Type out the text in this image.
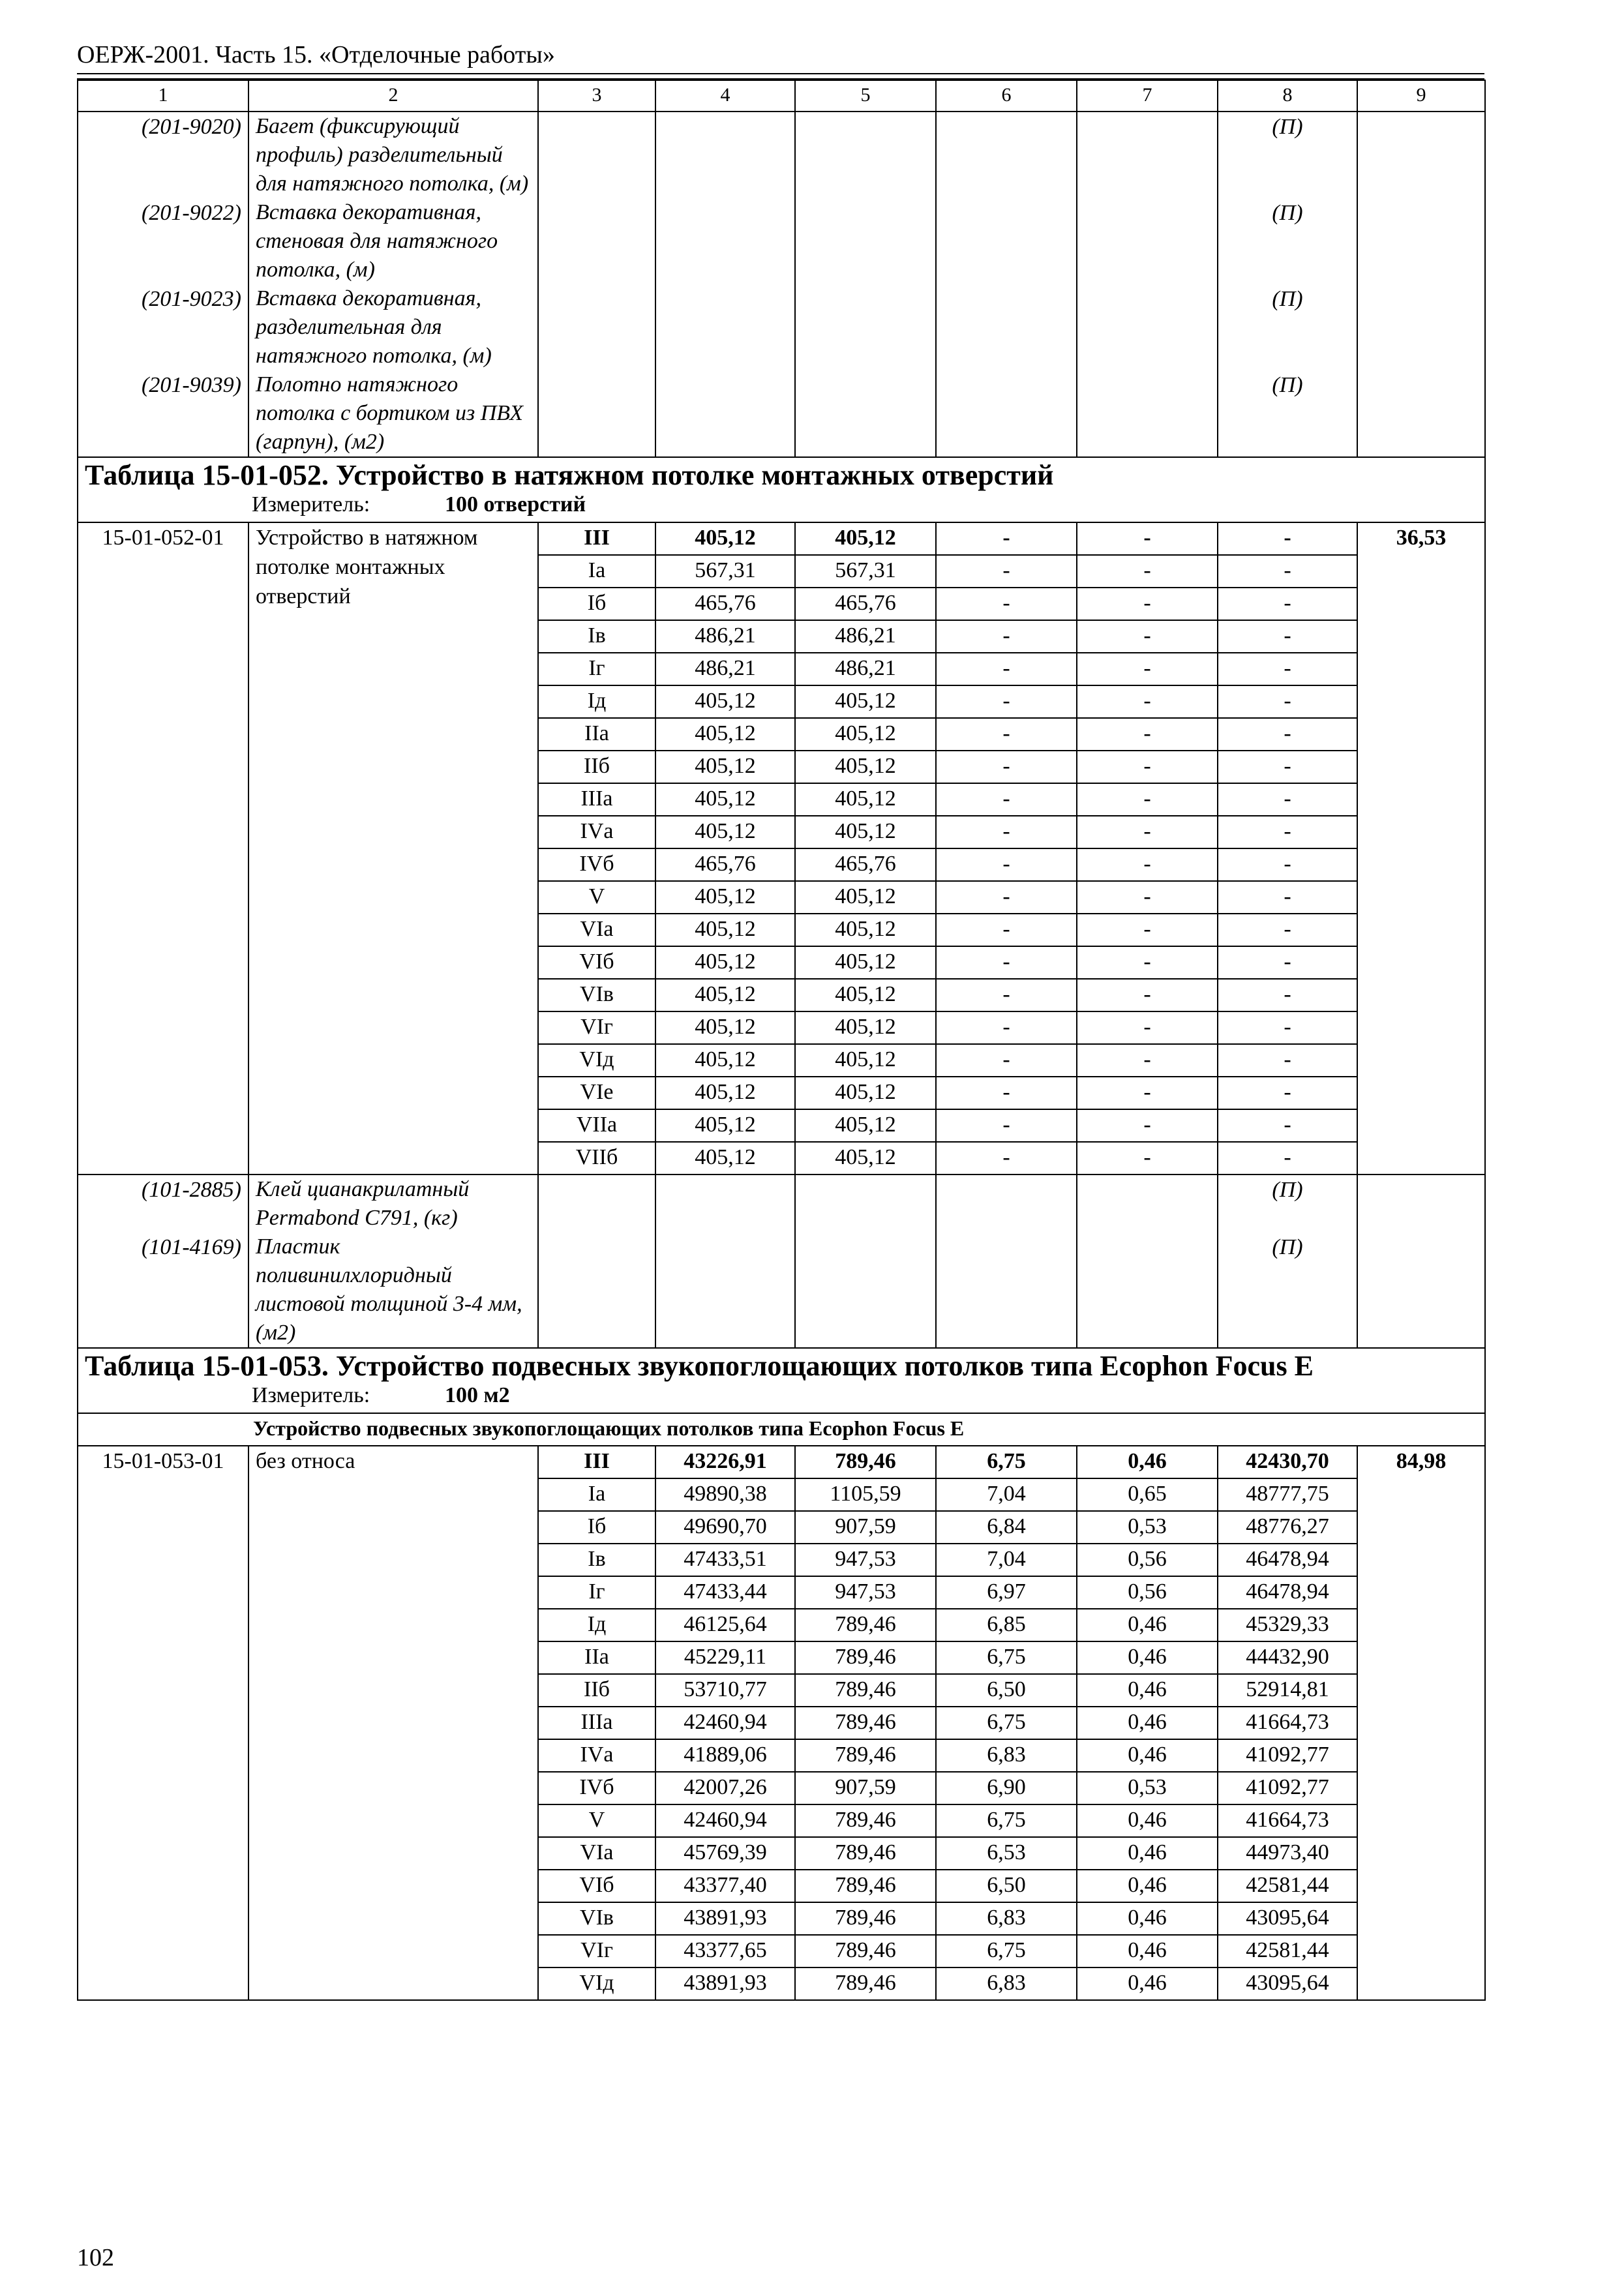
ОЕРЖ-2001. Часть 15. «Отделочные работы»
1	2	3	4	5	6	7	8	9
(201-9020)	Багет (фиксирующий профиль) разделительный для натяжного потолка, (м)						(П)	
(201-9022)	Вставка декоративная, стеновая для натяжного потолка, (м)						(П)	
(201-9023)	Вставка декоративная, разделительная для натяжного потолка, (м)						(П)	
(201-9039)	Полотно натяжного потолка с бортиком из ПВХ (гарпун), (м2)						(П)	
Таблица 15-01-052. Устройство в натяжном потолке монтажных отверстий								
Измеритель: 100 отверстий								
15-01-052-01	Устройство в натяжном потолке монтажных отверстий	III	405,12	405,12	-	-	-	36,53
		Iа	567,31	567,31	-	-	-	
		Iб	465,76	465,76	-	-	-	
		Iв	486,21	486,21	-	-	-	
		Iг	486,21	486,21	-	-	-	
		Iд	405,12	405,12	-	-	-	
		IIа	405,12	405,12	-	-	-	
		IIб	405,12	405,12	-	-	-	
		IIIа	405,12	405,12	-	-	-	
		IVа	405,12	405,12	-	-	-	
		IVб	465,76	465,76	-	-	-	
		V	405,12	405,12	-	-	-	
		VIа	405,12	405,12	-	-	-	
		VIб	405,12	405,12	-	-	-	
		VIв	405,12	405,12	-	-	-	
		VIг	405,12	405,12	-	-	-	
		VIд	405,12	405,12	-	-	-	
		VIе	405,12	405,12	-	-	-	
		VIIа	405,12	405,12	-	-	-	
		VIIб	405,12	405,12	-	-	-	
(101-2885)	Клей цианакрилатный Permabond C791, (кг)						(П)	
(101-4169)	Пластик поливинилхлоридный листовой толщиной 3-4 мм, (м2)						(П)	
Таблица 15-01-053. Устройство подвесных звукопоглощающих потолков типа Ecophon Focus E								
Измеритель: 100 м2								
Устройство подвесных звукопоглощающих потолков типа Ecophon Focus E								
15-01-053-01	без относа	III	43226,91	789,46	6,75	0,46	42430,70	84,98
		Iа	49890,38	1105,59	7,04	0,65	48777,75	
		Iб	49690,70	907,59	6,84	0,53	48776,27	
		Iв	47433,51	947,53	7,04	0,56	46478,94	
		Iг	47433,44	947,53	6,97	0,56	46478,94	
		Iд	46125,64	789,46	6,85	0,46	45329,33	
		IIа	45229,11	789,46	6,75	0,46	44432,90	
		IIб	53710,77	789,46	6,50	0,46	52914,81	
		IIIа	42460,94	789,46	6,75	0,46	41664,73	
		IVа	41889,06	789,46	6,83	0,46	41092,77	
		IVб	42007,26	907,59	6,90	0,53	41092,77	
		V	42460,94	789,46	6,75	0,46	41664,73	
		VIа	45769,39	789,46	6,53	0,46	44973,40	
		VIб	43377,40	789,46	6,50	0,46	42581,44	
		VIв	43891,93	789,46	6,83	0,46	43095,64	
		VIг	43377,65	789,46	6,75	0,46	42581,44	
		VIд	43891,93	789,46	6,83	0,46	43095,64	
102
